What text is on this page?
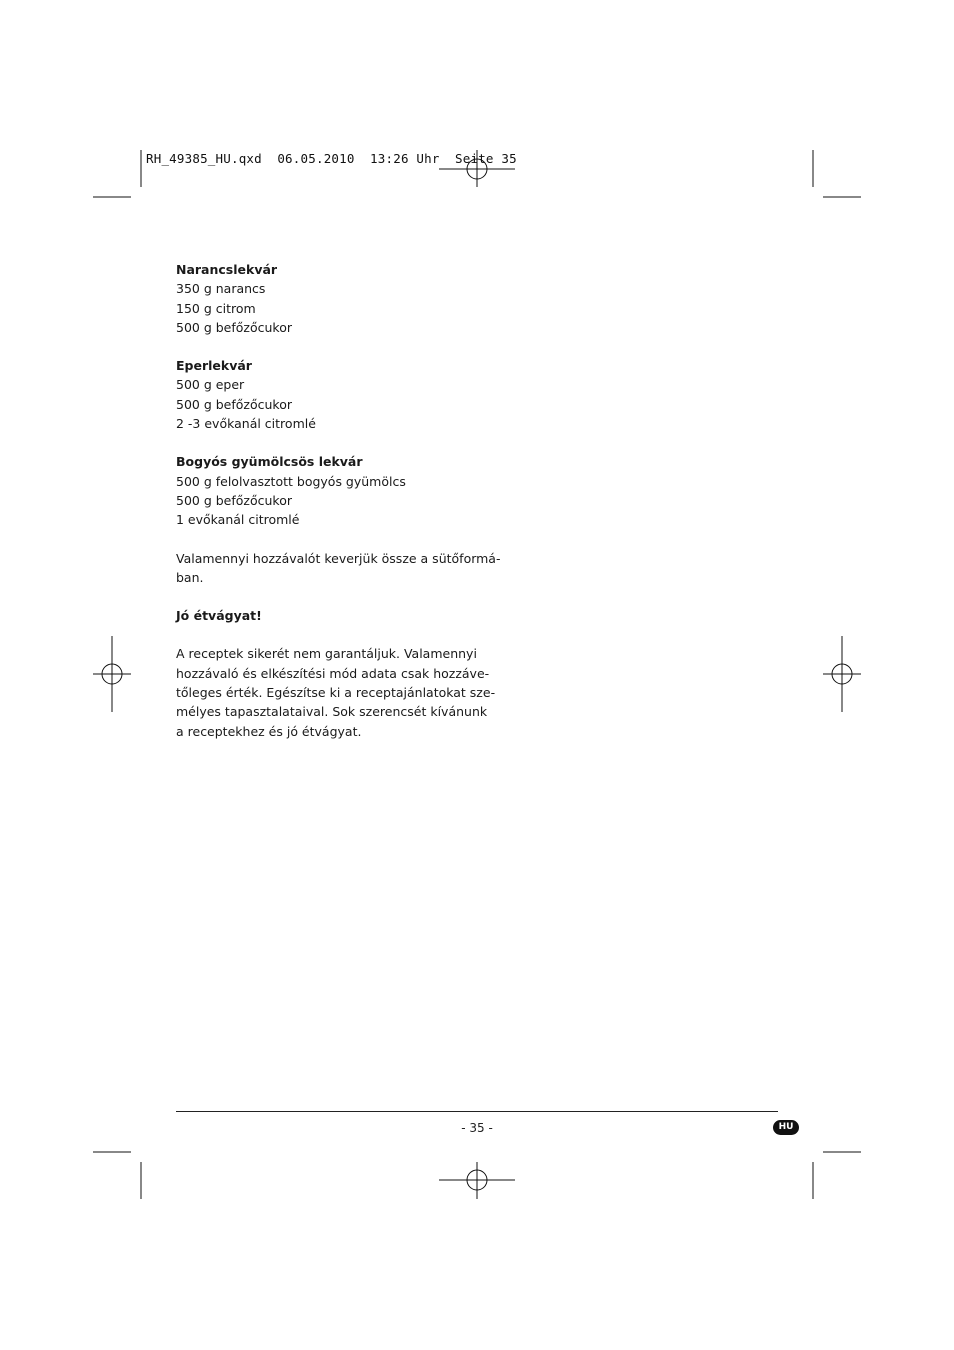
RH_49385_HU.qxd  06.05.2010  13:26 Uhr  Seite 35
Narancslekvár
350 g narancs
150 g citrom
500 g befőzőcukor
Eperlekvár
500 g eper
500 g befőzőcukor
2 -3 evőkanál citromlé
Bogyós gyümölcsös lekvár
500 g felolvasztott bogyós gyümölcs
500 g befőzőcukor
1 evőkanál citromlé
Valamennyi hozzávalót keverjük össze a sütőformá-
ban.
Jó étvágyat!
A receptek sikerét nem garantáljuk. Valamennyi
hozzávaló és elkészítési mód adata csak hozzáve-
tőleges érték. Egészítse ki a receptajánlatokat sze-
mélyes tapasztalataival. Sok szerencsét kívánunk
a receptekhez és jó étvágyat.
- 35 -	HU
